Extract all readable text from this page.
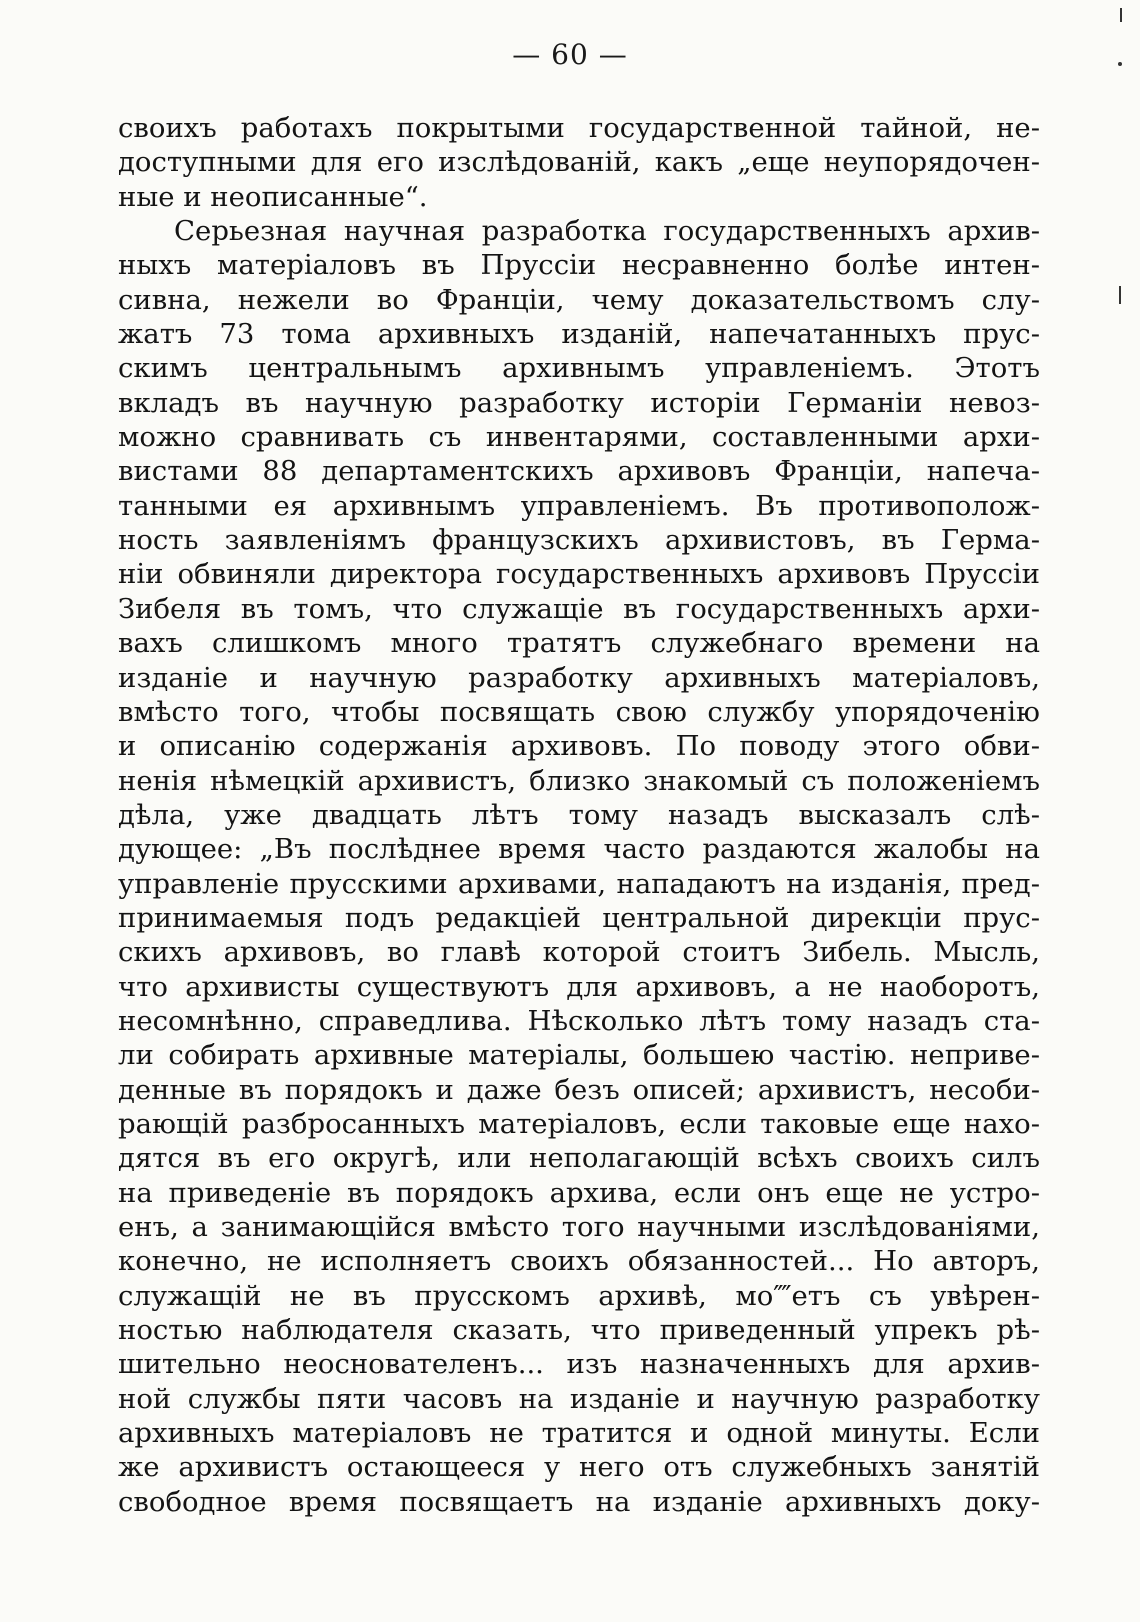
— 60 —
своихъ работахъ покрытыми государственной тайной, не-
доступными для его изслѣдованій, какъ „еще неупорядочен-
ные и неописанные“.
Серьезная научная разработка государственныхъ архив-
ныхъ матеріаловъ въ Пруссіи несравненно болѣе интен-
сивна, нежели во Франціи, чему доказательствомъ слу-
жатъ 73 тома архивныхъ изданій, напечатанныхъ прус-
скимъ центральнымъ архивнымъ управленіемъ. Этотъ
вкладъ въ научную разработку исторіи Германіи невоз-
можно сравнивать съ инвентарями, составленными архи-
вистами 88 департаментскихъ архивовъ Франціи, напеча-
танными ея архивнымъ управленіемъ. Въ противополож-
ность заявленіямъ французскихъ архивистовъ, въ Герма-
ніи обвиняли директора государственныхъ архивовъ Пруссіи
Зибеля въ томъ, что служащіе въ государственныхъ архи-
вахъ слишкомъ много тратятъ служебнаго времени на
изданіе и научную разработку архивныхъ матеріаловъ,
вмѣсто того, чтобы посвящать свою службу упорядоченію
и описанію содержанія архивовъ. По поводу этого обви-
ненія нѣмецкій архивистъ, близко знакомый съ положеніемъ
дѣла, уже двадцать лѣтъ тому назадъ высказалъ слѣ-
дующее: „Въ послѣднее время часто раздаются жалобы на
управленіе прусскими архивами, нападаютъ на изданія, пред-
принимаемыя подъ редакціей центральной дирекціи прус-
скихъ архивовъ, во главѣ которой стоитъ Зибель. Мысль,
что архивисты существуютъ для архивовъ, а не наоборотъ,
несомнѣнно, справедлива. Нѣсколько лѣтъ тому назадъ ста-
ли собирать архивные матеріалы, большею частію. неприве-
денные въ порядокъ и даже безъ описей; архивистъ, несоби-
рающій разбросанныхъ матеріаловъ, если таковые еще нахо-
дятся въ его округѣ, или неполагающій всѣхъ своихъ силъ
на приведеніе въ порядокъ архива, если онъ еще не устро-
енъ, а занимающійся вмѣсто того научными изслѣдованіями,
конечно, не исполняетъ своихъ обязанностей... Но авторъ,
служащій не въ прусскомъ архивѣ, мо⁗етъ съ увѣрен-
ностью наблюдателя сказать, что приведенный упрекъ рѣ-
шительно неоснователенъ... изъ назначенныхъ для архив-
ной службы пяти часовъ на изданіе и научную разработку
архивныхъ матеріаловъ не тратится и одной минуты. Если
же архивистъ остающееся у него отъ служебныхъ занятій
свободное время посвящаетъ на изданіе архивныхъ доку-
